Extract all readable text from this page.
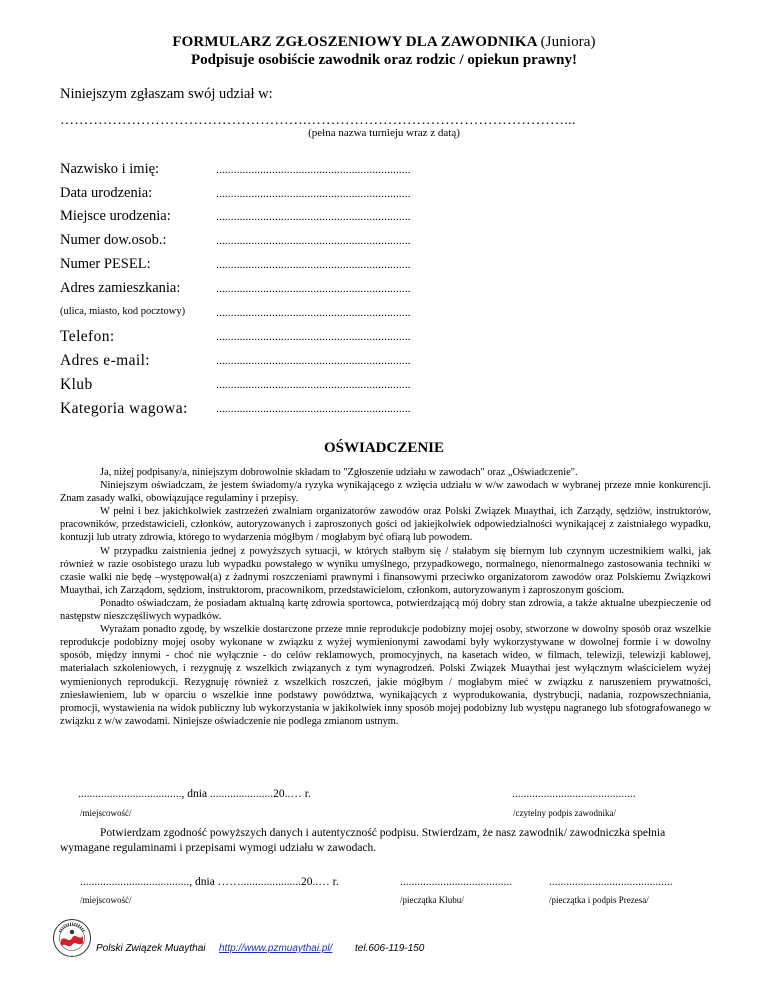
FORMULARZ ZGŁOSZENIOWY DLA ZAWODNIKA (Juniora)
Podpisuje osobiście zawodnik oraz rodzic / opiekun prawny!
Niniejszym zgłaszam swój udział w:
…………………………………………….………………………………………………...
(pełna nazwa turnieju wraz z datą)
Nazwisko i imię:	..................................................................
Data urodzenia:	..................................................................
Miejsce urodzenia:	..................................................................
Numer dow.osob.:	..................................................................
Numer PESEL:	..................................................................
Adres zamieszkania:	..................................................................
(ulica, miasto, kod pocztowy)	..................................................................
Telefon:	..................................................................
Adres e-mail:	..................................................................
Klub	..................................................................
Kategoria wagowa:	..................................................................
OŚWIADCZENIE

Ja, niżej podpisany/a, niniejszym dobrowolnie składam to "Zgłoszenie udziału w zawodach" oraz „Oświadczenie".

Niniejszym oświadczam, że jestem świadomy/a ryzyka wynikającego z wzięcia udziału w w/w zawodach w wybranej przeze mnie konkurencji. Znam zasady walki, obowiązujące regulaminy i przepisy.

W pełni i bez jakichkolwiek zastrzeżeń zwalniam organizatorów zawodów oraz Polski Związek Muaythai, ich Zarządy, sędziów, instruktorów, pracowników, przedstawicieli, członków, autoryzowanych i zaproszonych gości od jakiejkolwiek odpowiedzialności wynikającej z zaistniałego wypadku, kontuzji lub utraty zdrowia, którego to wydarzenia mógłbym / mogłabym być ofiarą lub powodem.

W przypadku zaistnienia jednej z powyższych sytuacji, w których stałbym się / stałabym się biernym lub czynnym uczestnikiem walki, jak również w razie osobistego urazu lub wypadku powstałego w wyniku umyślnego, przypadkowego, normalnego, nienormalnego zastosowania techniki w czasie walki nie będę –występował(a) z żadnymi roszczeniami prawnymi i finansowymi przeciwko organizatorom zawodów oraz Polskiemu Związkowi Muaythai, ich Zarządom, sędziom, instruktorom, pracownikom, przedstawicielom, członkom, autoryzowanym i zaproszonym gościom.

Ponadto oświadczam, że posiadam aktualną kartę zdrowia sportowca, potwierdzającą mój dobry stan zdrowia, a także aktualne ubezpieczenie od następstw nieszczęśliwych wypadków.

Wyrażam ponadto zgodę, by wszelkie dostarczone przeze mnie reprodukcje podobizny mojej osoby, stworzone w dowolny sposób oraz wszelkie reprodukcje podobizny mojej osoby wykonane w związku z wyżej wymienionymi zawodami były wykorzystywane w dowolnej formie i w dowolny sposób, między innymi - choć nie wyłącznie - do celów reklamowych, promocyjnych, na kasetach wideo, w filmach, telewizji, telewizji kablowej, materiałach szkoleniowych, i rezygnuję z wszelkich związanych z tym wynagrodzeń. Polski Związek Muaythai jest wyłącznym właścicielem wyżej wymienionych reprodukcji. Rezygnuję również z wszelkich roszczeń, jakie mógłbym / mogłabym mieć w związku z naruszeniem prywatności, zniesławieniem, lub w oparciu o wszelkie inne podstawy powództwa, wynikających z wyprodukowania, dystrybucji, nadania, rozpowszechniania, promocji, wystawienia na widok publiczny lub wykorzystania w jakikolwiek inny sposób mojej podobizny lub występu nagranego lub sfotografowanego w związku z w/w zawodami. Niniejsze oświadczenie nie podlega zmianom ustnym.

...................................., dnia ......................20..… r.
/miejscowość/
...........................................
/czytelny podpis zawodnika/
Potwierdzam zgodność powyższych danych i autentyczność podpisu. Stwierdzam, że nasz zawodnik/ zawodniczka spełnia wymagane regulaminami i przepisami wymogi udziału w zawodach.
......................................, dnia …….....................20..… r.
/miejscowość/
.......................................
/pieczątka Klubu/
...........................................
/pieczątka i podpis Prezesa/
Polski Związek Muaythai http://www.pzmuaythai.pl/ tel.606-119-150
